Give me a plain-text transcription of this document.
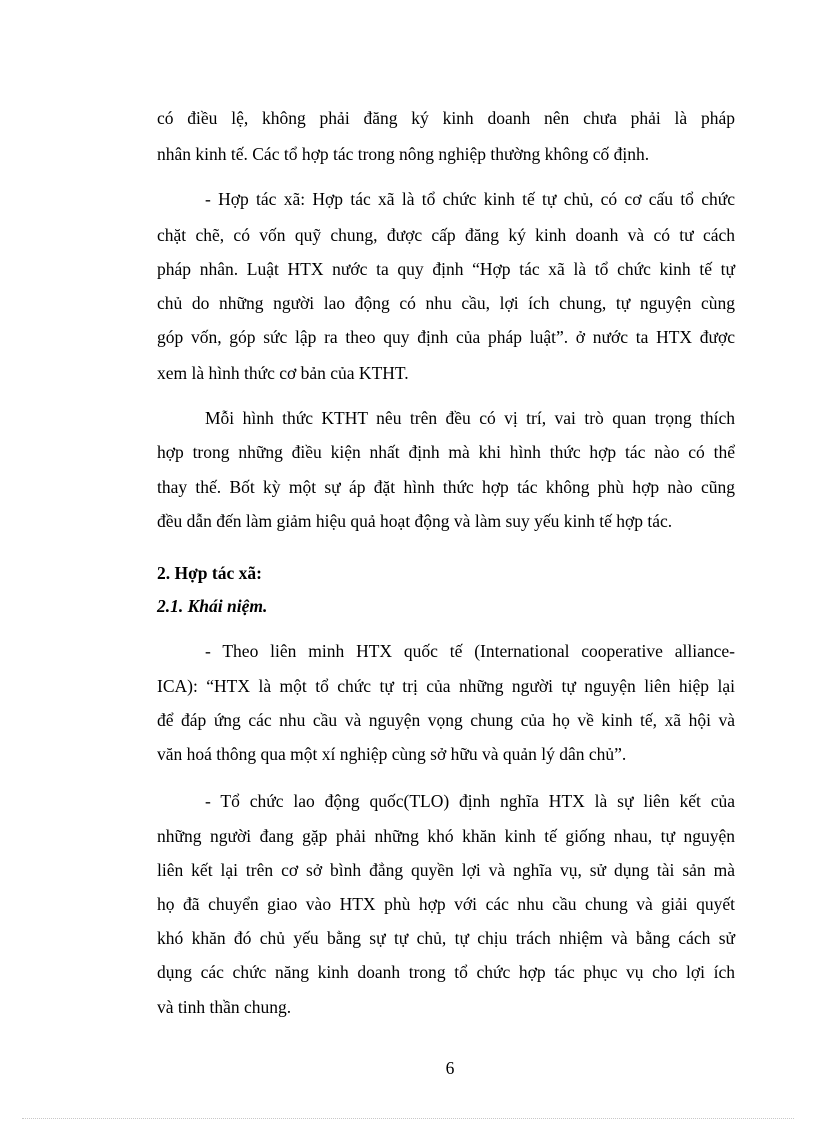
có điều lệ, không phải đăng ký kinh doanh nên chưa phải là pháp
nhân kinh tế. Các tổ hợp tác trong nông nghiệp thường không cố định.
- Hợp tác xã: Hợp tác xã là tổ chức kinh tế tự chủ, có cơ cấu tổ chức
chặt chẽ, có vốn quỹ chung, được cấp đăng ký kinh doanh và có tư cách
pháp nhân. Luật HTX nước ta quy định “Hợp tác xã là tổ chức kinh tế tự
chủ do những người lao động có nhu cầu, lợi ích chung, tự nguyện cùng
góp vốn, góp sức lập ra theo quy định của pháp luật”. ở nước ta HTX được
xem là hình thức cơ bản của KTHT.
Mỗi hình thức KTHT nêu trên đều có vị trí, vai trò quan trọng thích
hợp trong những điều kiện nhất định mà khi hình thức hợp tác nào có thể
thay thế. Bốt kỳ một sự áp đặt hình thức hợp tác không phù hợp nào cũng
đều dẫn đến làm giảm hiệu quả hoạt động và làm suy yếu kinh tế hợp tác.
2. Hợp tác xã:
2.1. Khái niệm.
- Theo liên minh HTX quốc tế (International cooperative alliance-
ICA): “HTX là một tổ chức tự trị của những người tự nguyện liên hiệp lại
để đáp ứng các nhu cầu và nguyện vọng chung của họ về kinh tế, xã hội và
văn hoá thông qua một xí nghiệp cùng sở hữu và quản lý dân chủ”.
- Tổ chức lao động quốc(TLO) định nghĩa HTX là sự liên kết của
những người đang gặp phải những khó khăn kinh tế giống nhau, tự nguyện
liên kết lại trên cơ sở bình đẳng quyền lợi và nghĩa vụ, sử dụng tài sản mà
họ đã chuyển giao vào HTX phù hợp với các nhu cầu chung và giải quyết
khó khăn đó chủ yếu bằng sự tự chủ, tự chịu trách nhiệm và bằng cách sử
dụng các chức năng kinh doanh trong tổ chức hợp tác phục vụ cho lợi ích
và tinh thần chung.
6
